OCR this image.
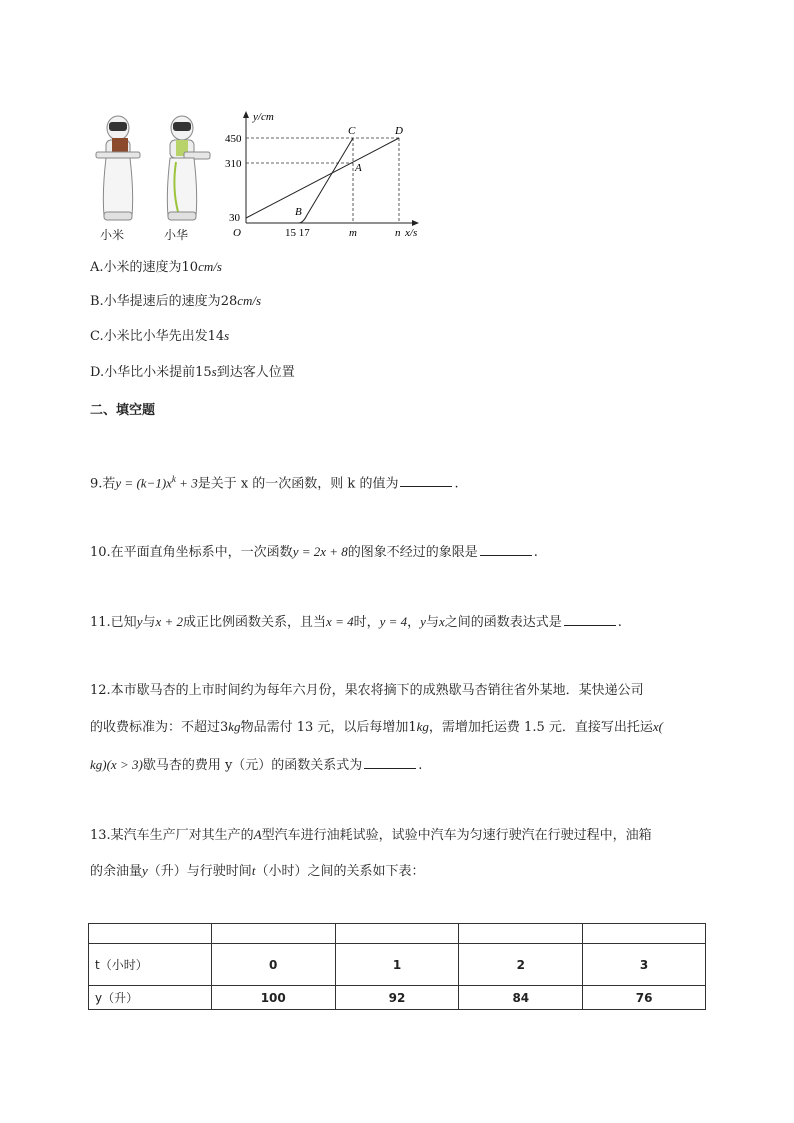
小米	小华
y/cm
450
310
30
O	15 17	m	n x/s
A
B
C	D
A.小米的速度为10cm/s
B.小华提速后的速度为28cm/s
C.小米比小华先出发14s
D.小华比小米提前15s到达客人位置
二、填空题
9.若$y = (k-1)x^k + 3$是关于 x 的一次函数，则 k 的值为	.
10.在平面直角坐标系中，一次函数y = 2x + 8的图象不经过的象限是	.
11.已知y与x + 2成正比例函数关系，且当x = 4时，y = 4，y与x之间的函数表达式是	.
12.本市歇马杏的上市时间约为每年六月份，果农将摘下的成熟歇马杏销往省外某地．某快递公司
的收费标准为：不超过3kg物品需付 13 元，以后每增加1kg，需增加托运费 1.5 元．直接写出托运x(
kg)(x > 3)歇马杏的费用 y（元）的函数关系式为	.
13.某汽车生产厂对其生产的A型汽车进行油耗试验，试验中汽车为匀速行驶汽在行驶过程中，油箱
的余油量y（升）与行驶时间t（小时）之间的关系如下表：

t（小时）	0	1	2	3
y（升）	100	92	84	76
